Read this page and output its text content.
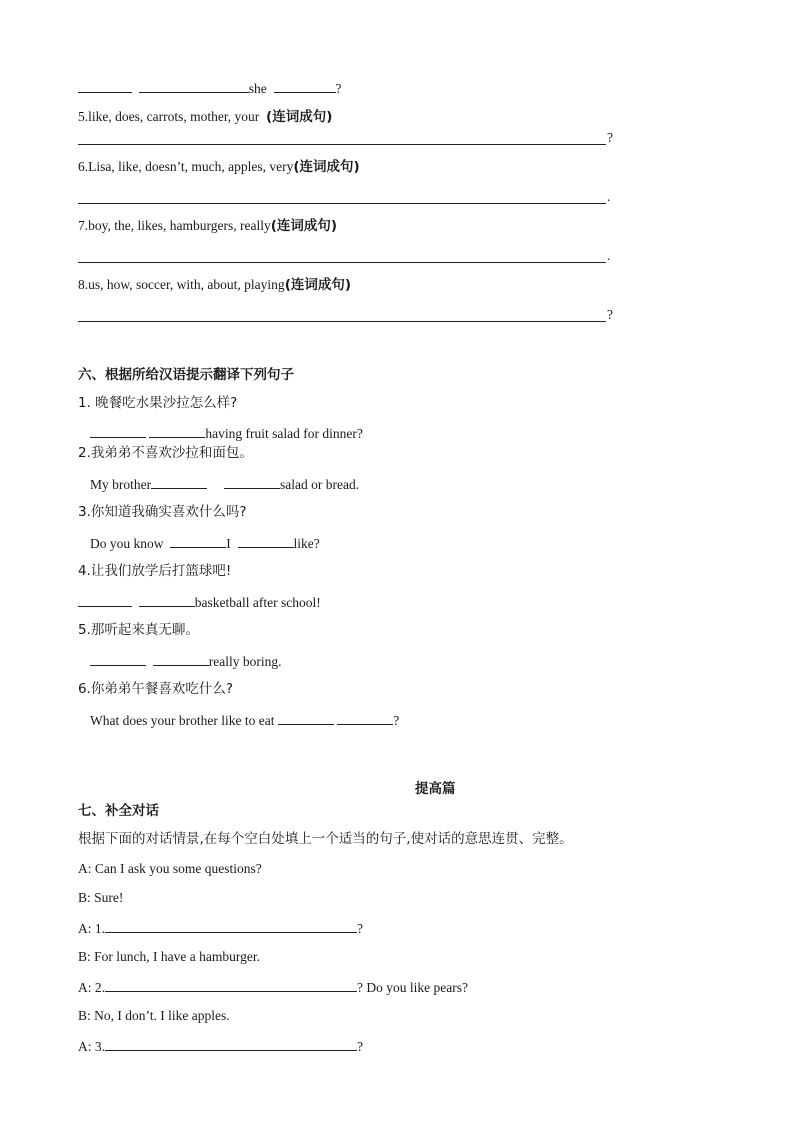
she	?
5.like, does, carrots, mother, your  (连词成句)
?
6.Lisa, like, doesn’t, much, apples, very(连词成句)
.
7.boy, the, likes, hamburgers, really(连词成句)
.
8.us, how, soccer, with, about, playing(连词成句)
?
六、根据所给汉语提示翻译下列句子
1. 晚餐吃水果沙拉怎么样?
having fruit salad for dinner?
2.我弟弟不喜欢沙拉和面包。
My brother	salad or bread.
3.你知道我确实喜欢什么吗?
Do you know	I	like?
4.让我们放学后打篮球吧!
basketball after school!
5.那听起来真无聊。
really boring.
6.你弟弟午餐喜欢吃什么?
What does your brother like to eat	?
提高篇
七、补全对话
根据下面的对话情景,在每个空白处填上一个适当的句子,使对话的意思连贯、完整。
A: Can I ask you some questions?
B: Sure!
A: 1.	?
B: For lunch, I have a hamburger.
A: 2.	? Do you like pears?
B: No, I don’t. I like apples.
A: 3.	?
